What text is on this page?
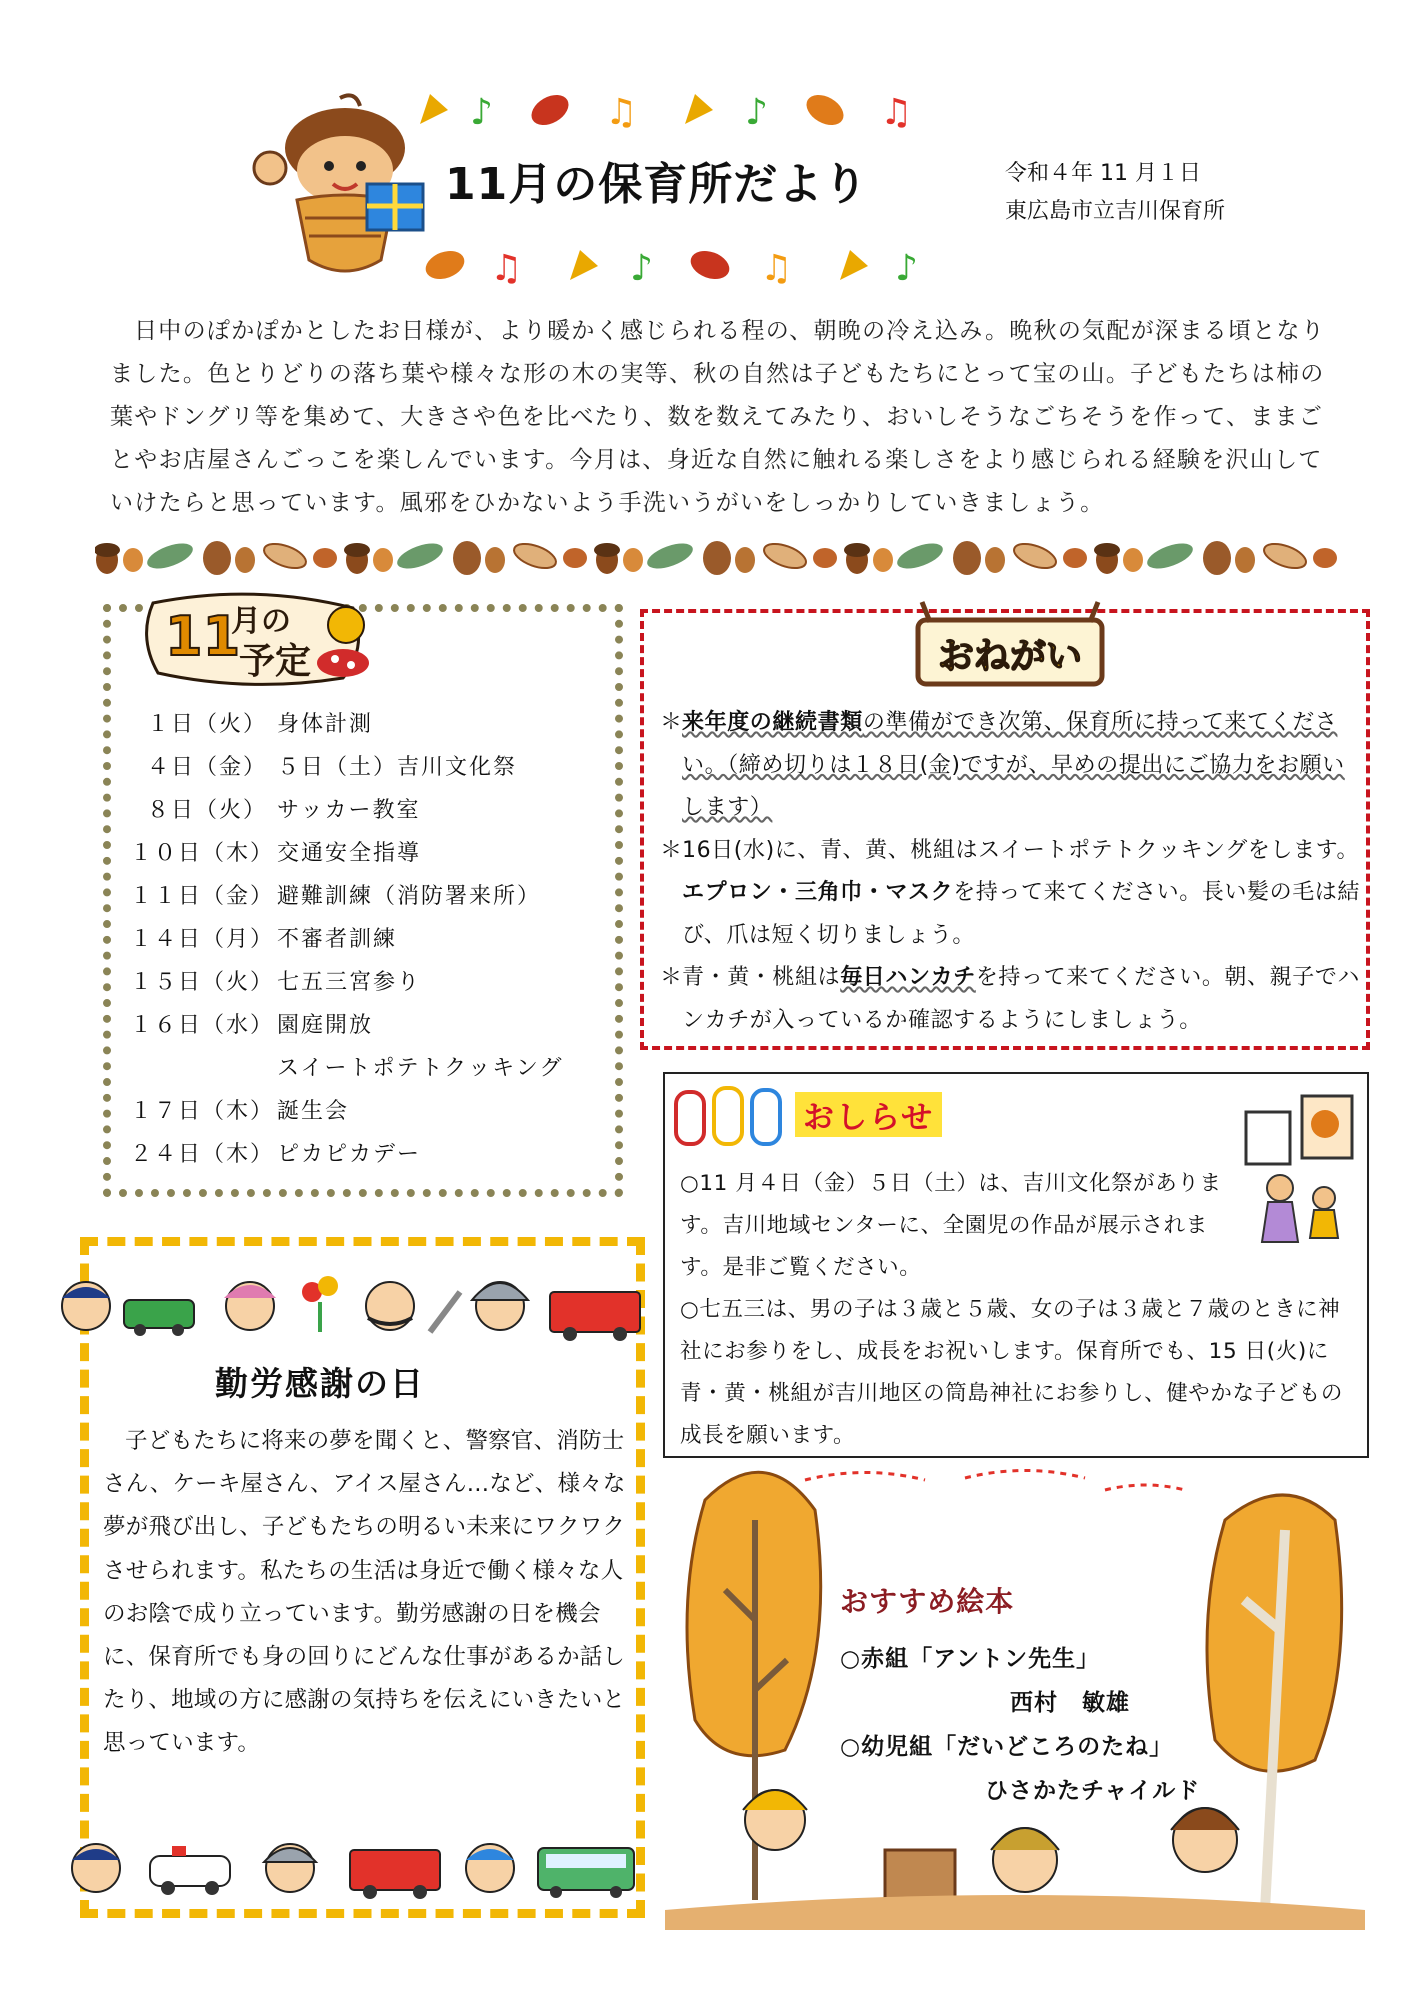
♪	♫	♪	♫
♫	♪	♫	♪
11月の保育所だより	令和４年 11 月１日
東広島市立吉川保育所
日中のぽかぽかとしたお日様が、より暖かく感じられる程の、朝晩の冷え込み。晩秋の気配が深まる頃となりました。色とりどりの落ち葉や様々な形の木の実等、秋の自然は子どもたちにとって宝の山。子どもたちは柿の葉やドングリ等を集めて、大きさや色を比べたり、数を数えてみたり、おいしそうなごちそうを作って、ままごとやお店屋さんごっこを楽しんでいます。今月は、身近な自然に触れる楽しさをより感じられる経験を沢山していけたらと思っています。風邪をひかないよう手洗いうがいをしっかりしていきましょう。
11
月の
予定
１日（火） 身体計測
４日（金） ５日（土）吉川文化祭
８日（火） サッカー教室
１０日（木） 交通安全指導
１１日（金） 避難訓練（消防署来所）
１４日（月） 不審者訓練
１５日（火） 七五三宮参り
１６日（水） 園庭開放
スイートポテトクッキング
１７日（木） 誕生会
２４日（木） ピカピカデー
おねがい
＊来年度の継続書類の準備ができ次第、保育所に持って来てください。（締め切りは１８日(金)ですが、早めの提出にご協力をお願いします）
＊16日(水)に、青、黄、桃組はスイートポテトクッキングをします。エプロン・三角巾・マスクを持って来てください。長い髪の毛は結び、爪は短く切りましょう。
＊青・黄・桃組は毎日ハンカチを持って来てください。朝、親子でハンカチが入っているか確認するようにしましょう。
おしらせ
○11 月４日（金）５日（土）は、吉川文化祭があります。吉川地域センターに、全園児の作品が展示されます。是非ご覧ください。
○七五三は、男の子は３歳と５歳、女の子は３歳と７歳のときに神社にお参りをし、成長をお祝いします。保育所でも、15 日(火)に青・黄・桃組が吉川地区の筒島神社にお参りし、健やかな子どもの成長を願います。
勤労感謝の日
子どもたちに将来の夢を聞くと、警察官、消防士さん、ケーキ屋さん、アイス屋さん…など、様々な夢が飛び出し、子どもたちの明るい未来にワクワクさせられます。私たちの生活は身近で働く様々な人のお陰で成り立っています。勤労感謝の日を機会に、保育所でも身の回りにどんな仕事があるか話したり、地域の方に感謝の気持ちを伝えにいきたいと思っています。
おすすめ絵本
○赤組「アントン先生」
西村　敏雄
○幼児組「だいどころのたね」
ひさかたチャイルド
